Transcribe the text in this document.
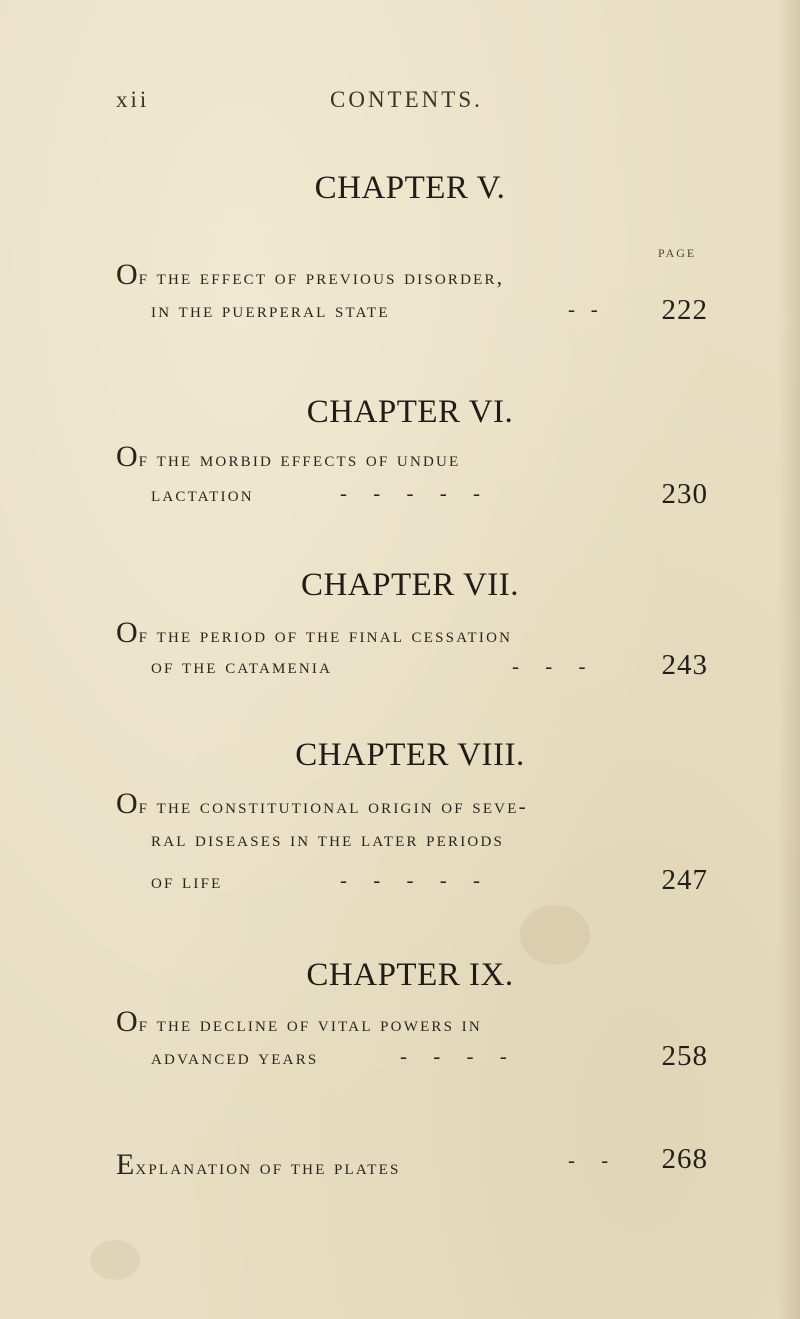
xii	CONTENTS.
CHAPTER V.
PAGE
Of the effect of previous disorder,
in the puerperal state	-   - 222
CHAPTER VI.
Of the morbid effects of undue
lactation	-     -     -     -     -	230
CHAPTER VII.
Of the period of the final cessation
of the catamenia	-     -     -	243
CHAPTER VIII.
Of the constitutional origin of seve-
ral diseases in the later periods
of life	-     -     -     -     -	247
CHAPTER IX.
Of the decline of vital powers in
advanced years	-     -     -     -	258
Explanation of the plates	-     - 268
